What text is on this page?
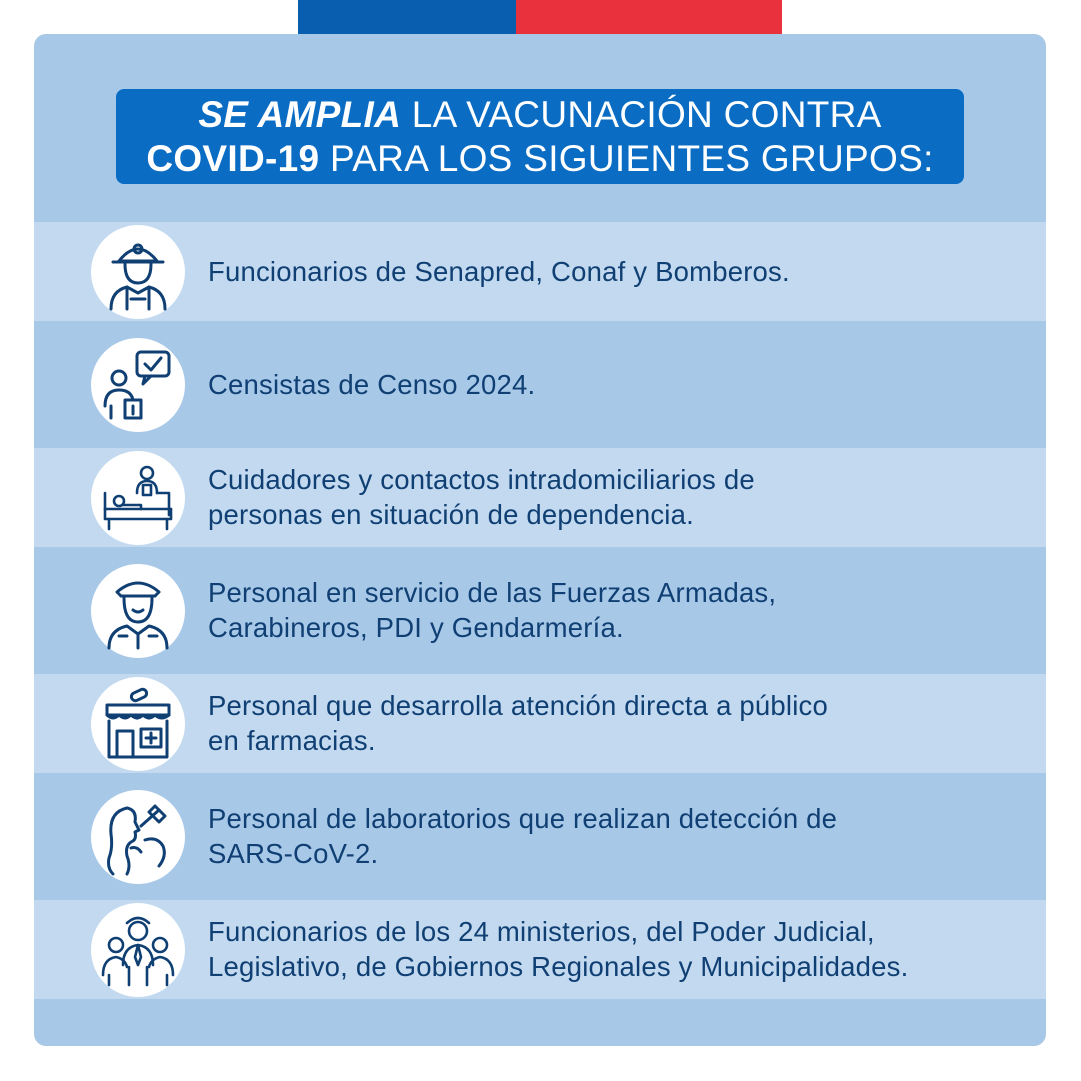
SE AMPLIA LA VACUNACIÓN CONTRA
COVID-19 PARA LOS SIGUIENTES GRUPOS:
Funcionarios de Senapred, Conaf y Bomberos.
Censistas de Censo 2024.
Cuidadores y contactos intradomiciliarios de
personas en situación de dependencia.
Personal en servicio de las Fuerzas Armadas,
Carabineros, PDI y Gendarmería.
Personal que desarrolla atención directa a público
en farmacias.
Personal de laboratorios que realizan detección de
SARS-CoV-2.
Funcionarios de los 24 ministerios, del Poder Judicial,
Legislativo, de Gobiernos Regionales y Municipalidades.
